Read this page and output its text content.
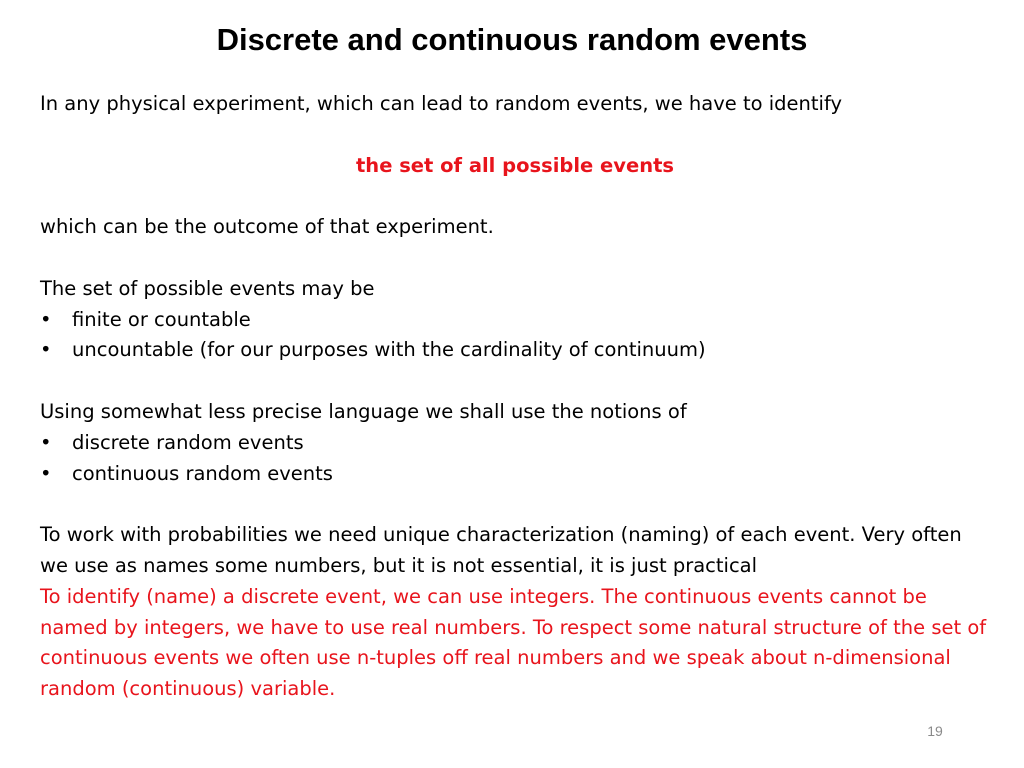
Discrete and continuous random events

In any physical experiment, which can lead to random events, we have to identify

the set of all possible events

which can be the outcome of that experiment.

The set of possible events may be

• finite or countable
• uncountable (for our purposes with the cardinality of continuum)

Using somewhat less precise language we shall use the notions of

• discrete random events
• continuous random events

To work with probabilities we need unique characterization (naming) of each event. Very often we use as names some numbers, but it is not essential, it is just practical

To identify (name) a discrete event, we can use integers. The continuous events cannot be named by integers, we have to use real numbers. To respect some natural structure of the set of continuous events we often use n-tuples off real numbers and we speak about n-dimensional random (continuous) variable.

19
